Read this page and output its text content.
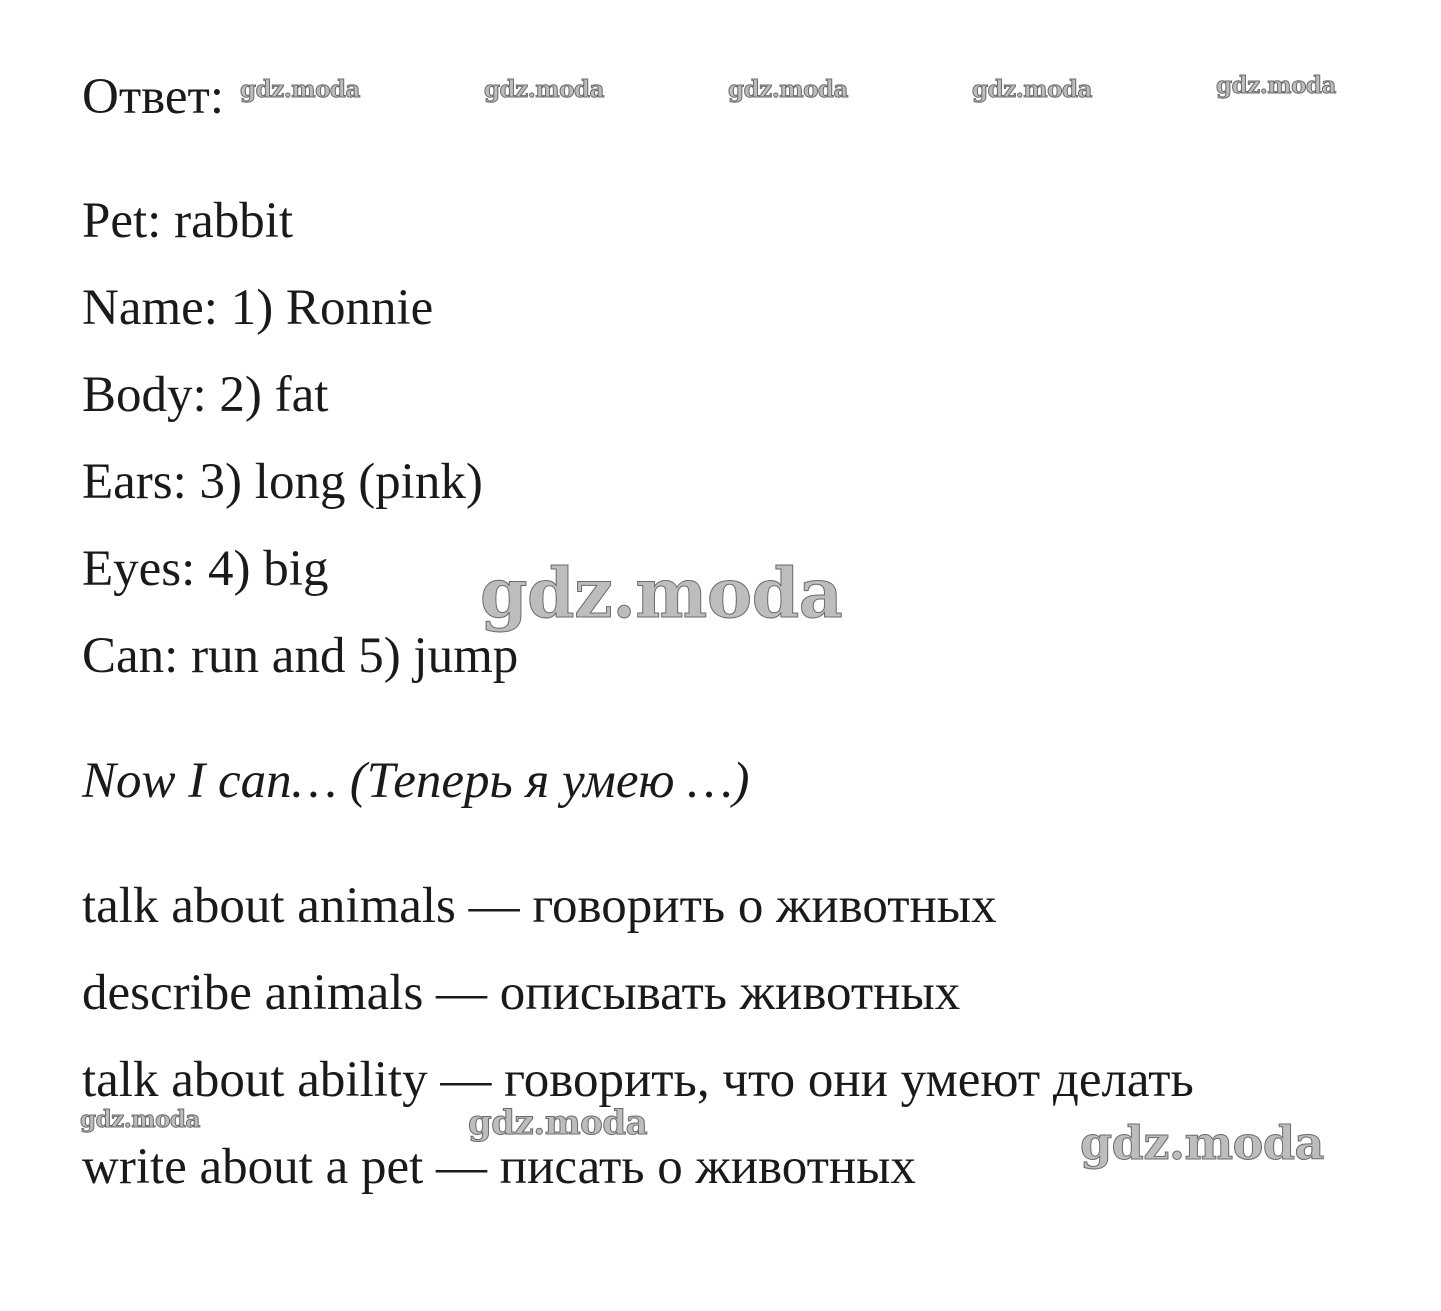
Ответ:
Pet: rabbit
Name: 1) Ronnie
Body: 2) fat
Ears: 3) long (pink)
Eyes: 4) big
Can: run and 5) jump
Now I can… (Теперь я умею …)
talk about animals — говорить о животных
describe animals — описывать животных
talk about ability — говорить, что они умеют делать
write about a pet — писать о животных
gdz.moda	gdz.moda	gdz.moda	gdz.moda	gdz.moda
gdz.moda
gdz.moda	gdz.moda	gdz.moda
